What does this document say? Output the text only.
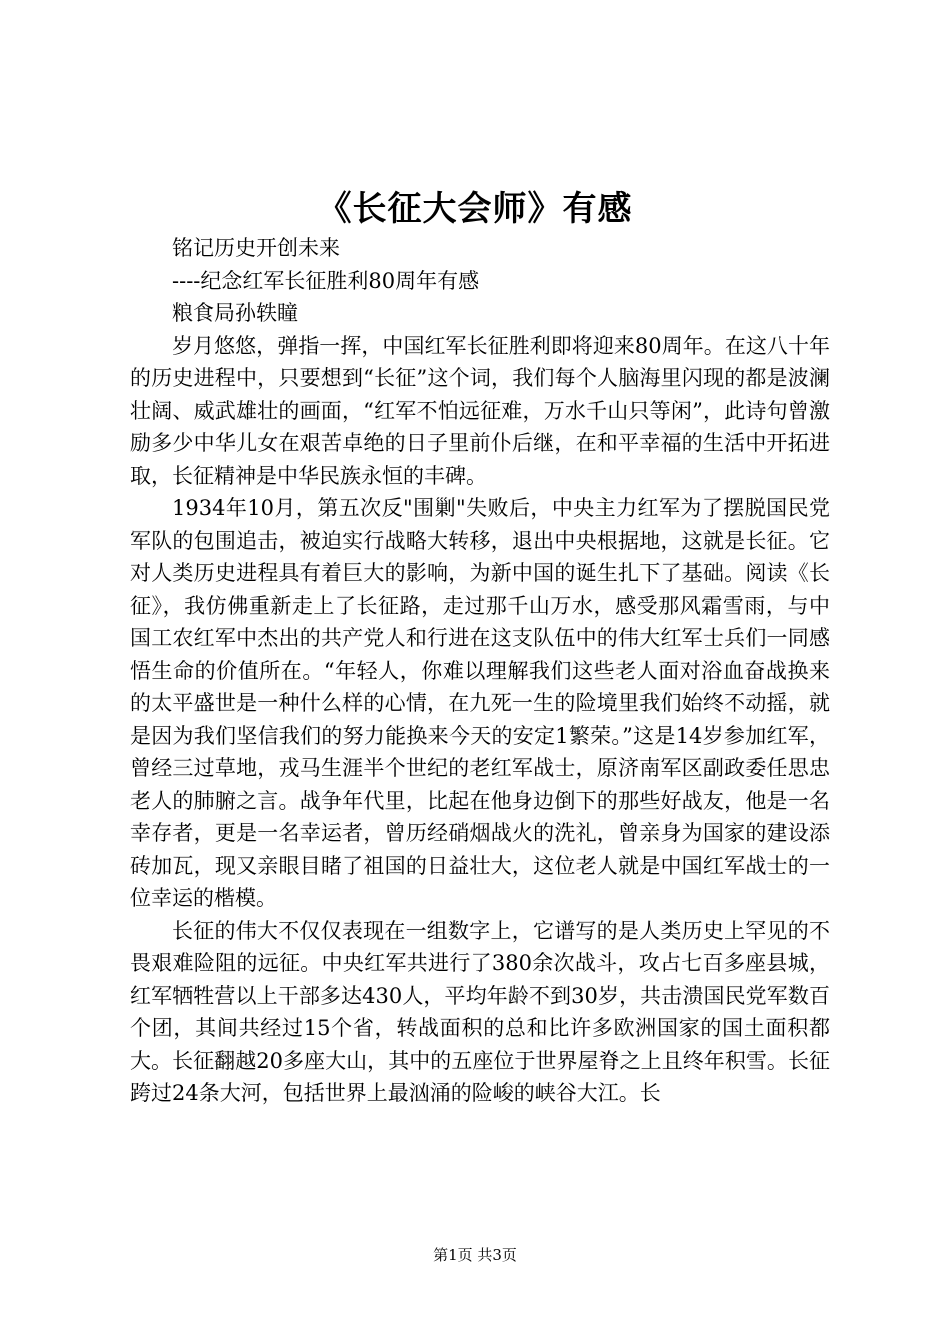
《长征大会师》有感

铭记历史开创未来

----纪念红军长征胜利80周年有感

粮食局孙轶瞳

岁月悠悠，弹指一挥，中国红军长征胜利即将迎来80周年。在这八十年的历史进程中，只要想到“长征”这个词，我们每个人脑海里闪现的都是波澜壮阔、威武雄壮的画面，“红军不怕远征难，万水千山只等闲”，此诗句曾激励多少中华儿女在艰苦卓绝的日子里前仆后继，在和平幸福的生活中开拓进取，长征精神是中华民族永恒的丰碑。

1934年10月，第五次反"围剿"失败后，中央主力红军为了摆脱国民党军队的包围追击，被迫实行战略大转移，退出中央根据地，这就是长征。它对人类历史进程具有着巨大的影响，为新中国的诞生扎下了基础。阅读《长征》，我仿佛重新走上了长征路，走过那千山万水，感受那风霜雪雨，与中国工农红军中杰出的共产党人和行进在这支队伍中的伟大红军士兵们一同感悟生命的价值所在。“年轻人，你难以理解我们这些老人面对浴血奋战换来的太平盛世是一种什么样的心情，在九死一生的险境里我们始终不动摇，就是因为我们坚信我们的努力能换来今天的安定1繁荣。”这是14岁参加红军，曾经三过草地，戎马生涯半个世纪的老红军战士，原济南军区副政委任思忠老人的肺腑之言。战争年代里，比起在他身边倒下的那些好战友，他是一名幸存者，更是一名幸运者，曾历经硝烟战火的洗礼，曾亲身为国家的建设添砖加瓦，现又亲眼目睹了祖国的日益壮大，这位老人就是中国红军战士的一位幸运的楷模。

长征的伟大不仅仅表现在一组数字上，它谱写的是人类历史上罕见的不畏艰难险阻的远征。中央红军共进行了380余次战斗，攻占七百多座县城，红军牺牲营以上干部多达430人，平均年龄不到30岁，共击溃国民党军数百个团，其间共经过15个省，转战面积的总和比许多欧洲国家的国土面积都大。长征翻越20多座大山，其中的五座位于世界屋脊之上且终年积雪。长征跨过24条大河，包括世界上最汹涌的险峻的峡谷大江。长

第1页 共3页
